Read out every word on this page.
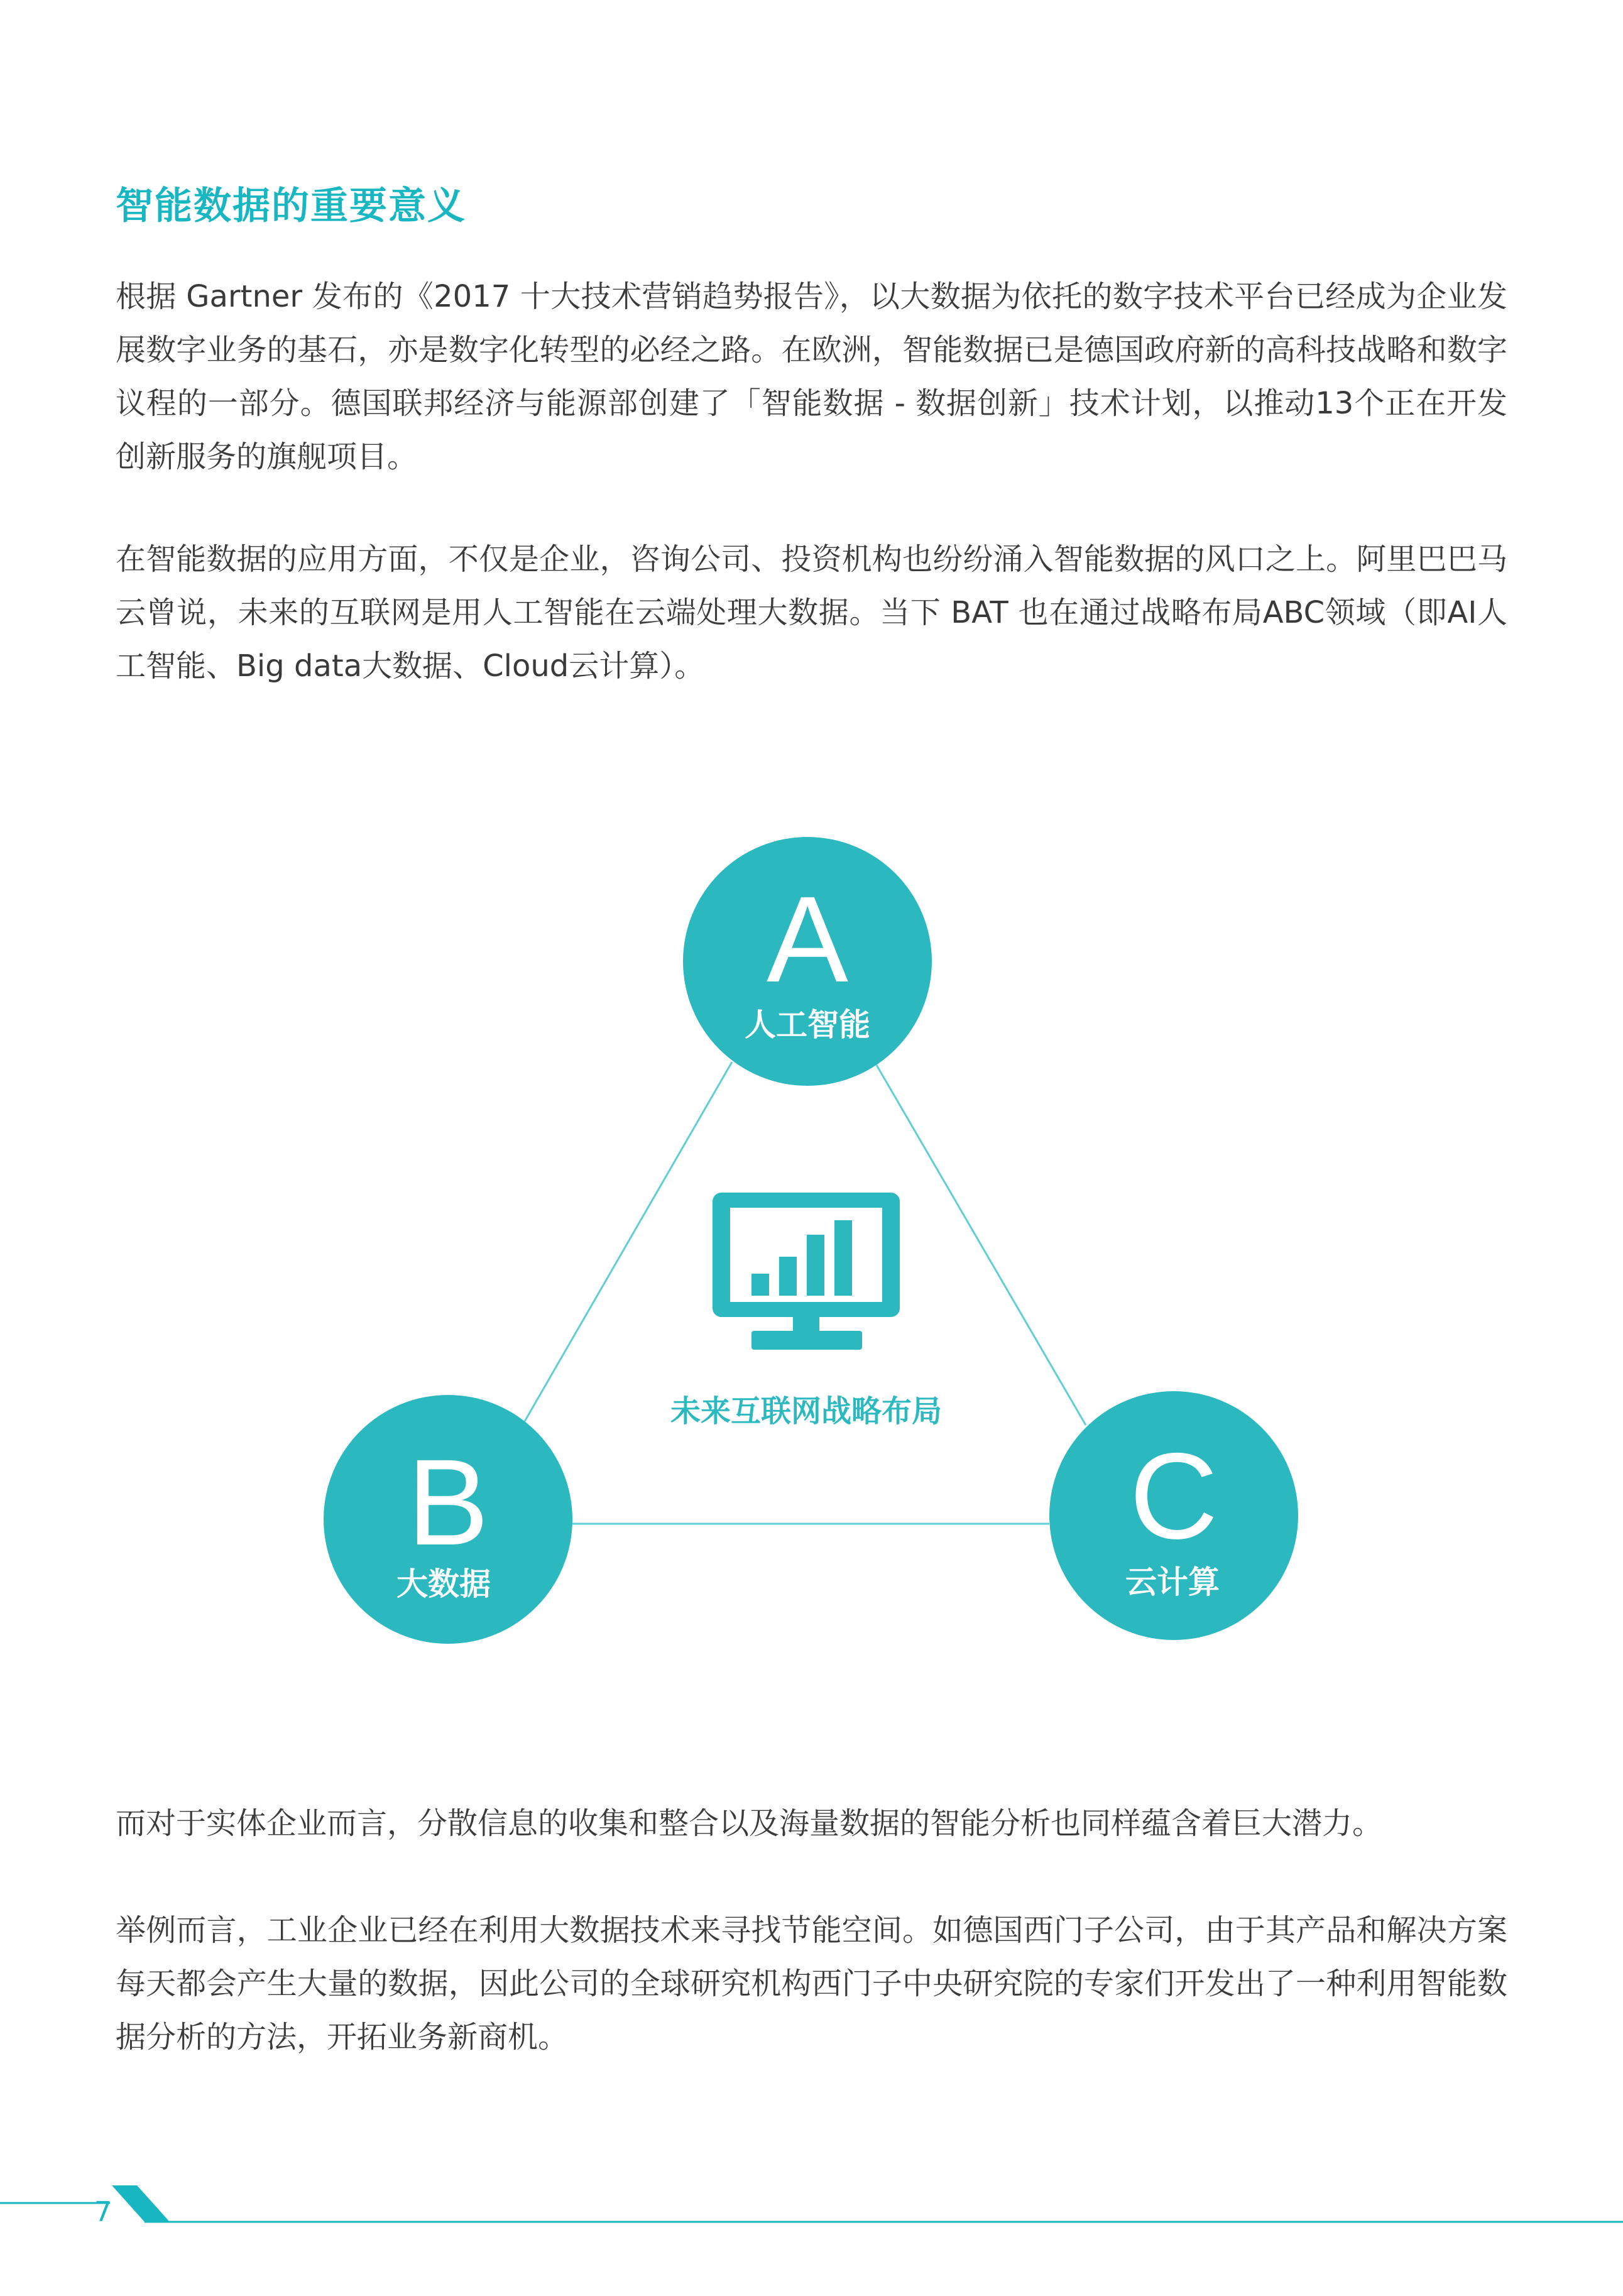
智能数据的重要意义
根据 Gartner 发布的《2017 十大技术营销趋势报告》，以大数据为依托的数字技术平台已经成为企业发展数字业务的基石，亦是数字化转型的必经之路。在欧洲，智能数据已是德国政府新的高科技战略和数字议程的一部分。德国联邦经济与能源部创建了「智能数据 - 数据创新」技术计划，以推动13个正在开发创新服务的旗舰项目。
在智能数据的应用方面，不仅是企业，咨询公司、投资机构也纷纷涌入智能数据的风口之上。阿里巴巴马云曾说，未来的互联网是用人工智能在云端处理大数据。当下 BAT 也在通过战略布局ABC领域（即AI人工智能、Big data大数据、Cloud云计算）。
未来互联网战略布局
A
人工智能
B
大数据
C
云计算
而对于实体企业而言，分散信息的收集和整合以及海量数据的智能分析也同样蕴含着巨大潜力。
举例而言，工业企业已经在利用大数据技术来寻找节能空间。如德国西门子公司，由于其产品和解决方案每天都会产生大量的数据，因此公司的全球研究机构西门子中央研究院的专家们开发出了一种利用智能数据分析的方法，开拓业务新商机。
7
